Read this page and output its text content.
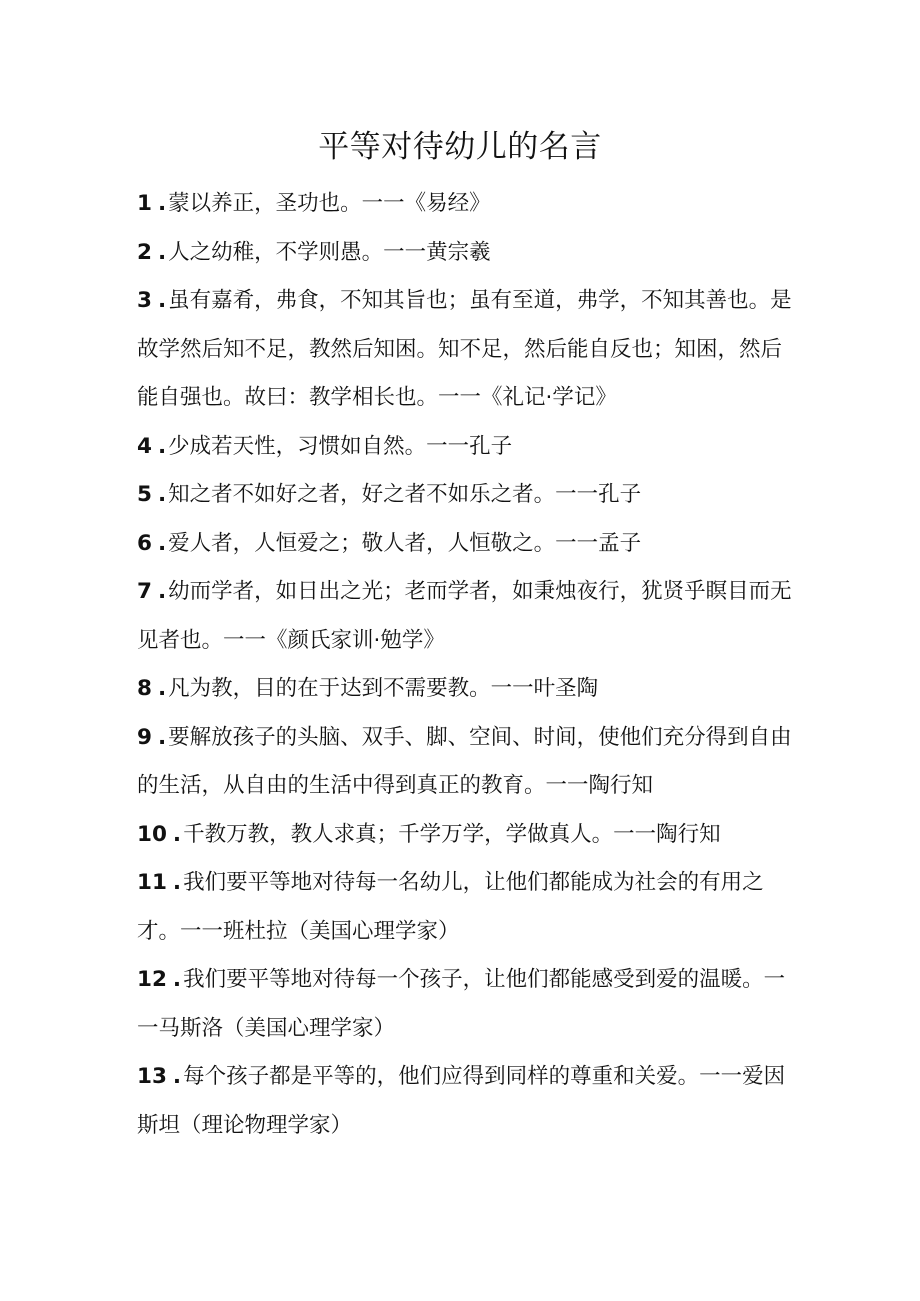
平等对待幼儿的名言
1 .蒙以养正，圣功也。一一《易经》
2 .人之幼稚，不学则愚。一一黄宗羲
3 .虽有嘉肴，弗食，不知其旨也；虽有至道，弗学，不知其善也。是故学然后知不足，教然后知困。知不足，然后能自反也；知困，然后能自强也。故曰：教学相长也。一一《礼记·学记》
4 .少成若天性，习惯如自然。一一孔子
5 .知之者不如好之者，好之者不如乐之者。一一孔子
6 .爱人者，人恒爱之；敬人者，人恒敬之。一一孟子
7 .幼而学者，如日出之光；老而学者，如秉烛夜行，犹贤乎瞑目而无见者也。一一《颜氏家训·勉学》
8 .凡为教，目的在于达到不需要教。一一叶圣陶
9 .要解放孩子的头脑、双手、脚、空间、时间，使他们充分得到自由的生活，从自由的生活中得到真正的教育。一一陶行知
10 .千教万教，教人求真；千学万学，学做真人。一一陶行知
11 .我们要平等地对待每一名幼儿，让他们都能成为社会的有用之才。一一班杜拉（美国心理学家）
12 .我们要平等地对待每一个孩子，让他们都能感受到爱的温暖。一一马斯洛（美国心理学家）
13 .每个孩子都是平等的，他们应得到同样的尊重和关爱。一一爱因斯坦（理论物理学家）
